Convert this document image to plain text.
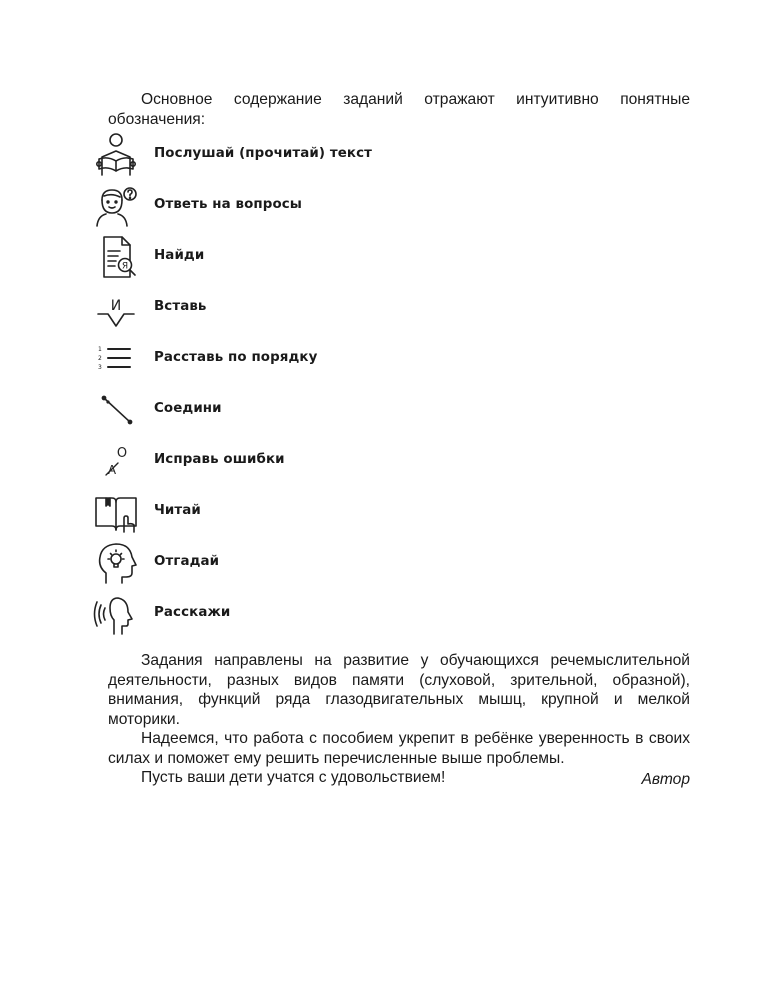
Основное содержание заданий отражают интуитивно понятные обозначения:

Послушай (прочитай) текст
Ответь на вопросы
Я
Найди
И Вставь
1
2
3
Расставь по порядку
Соедини
О
А
Исправь ошибки
Читай
Отгадай
Расскажи

Задания направлены на развитие у обучающихся речемыслительной деятельности, разных видов памяти (слуховой, зрительной, образной), внимания, функций ряда глазодвигательных мышц, крупной и мелкой моторики.

Надеемся, что работа с пособием укрепит в ребёнке уверенность в своих силах и поможет ему решить перечисленные выше проблемы.

Пусть ваши дети учатся с удовольствием!	Автор
